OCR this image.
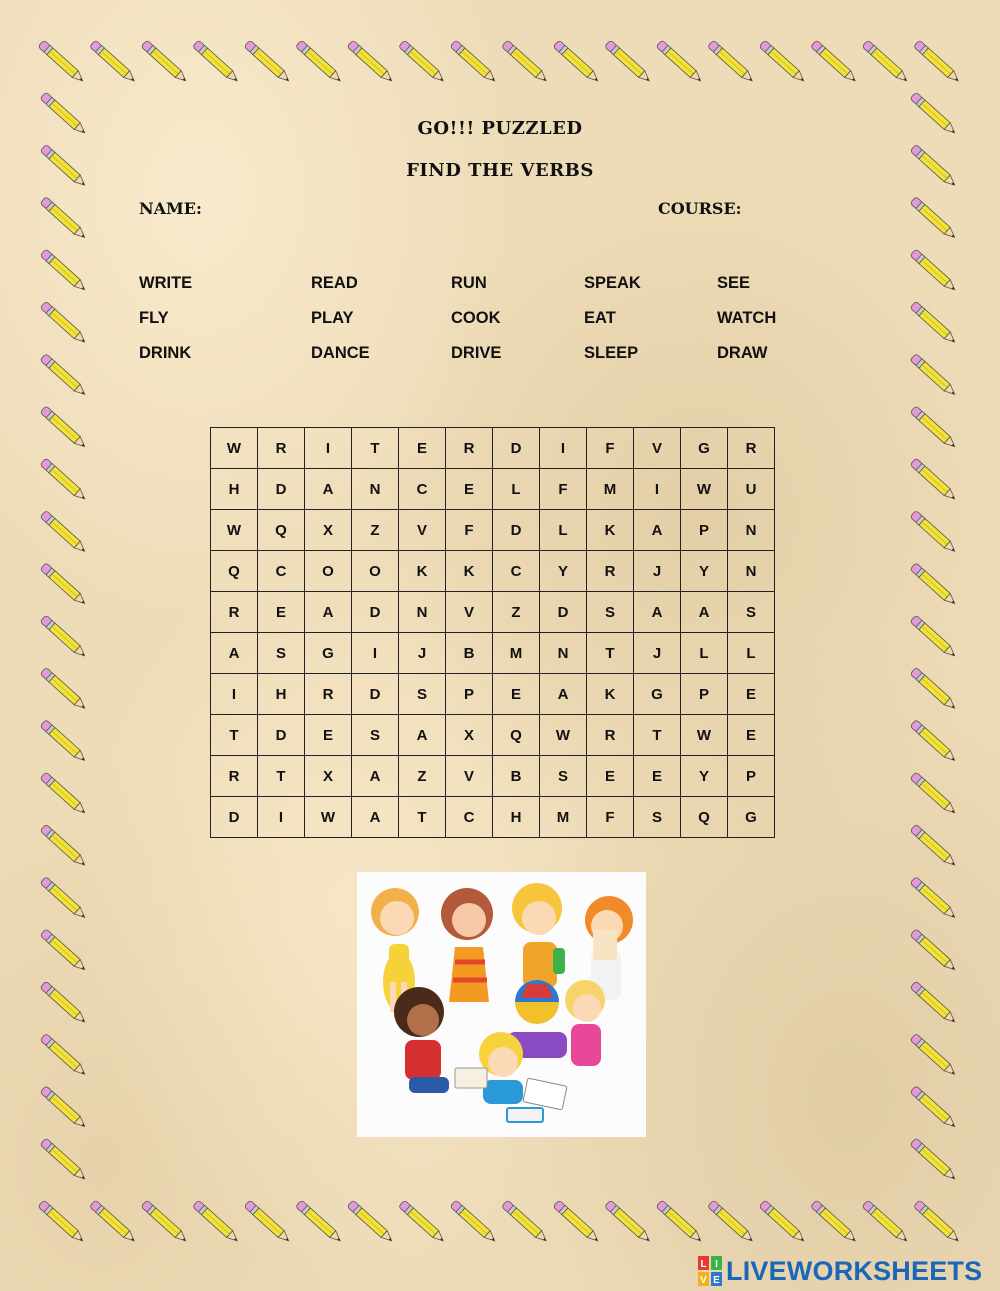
GO!!! PUZZLED
FIND THE VERBS
NAME:	COURSE:
WRITE	READ	RUN	SPEAK	SEE
FLY	PLAY	COOK	EAT	WATCH
DRINK	DANCE	DRIVE	SLEEP	DRAW
W	R	I	T	E	R	D	I	F	V	G	R
H	D	A	N	C	E	L	F	M	I	W	U
W	Q	X	Z	V	F	D	L	K	A	P	N
Q	C	O	O	K	K	C	Y	R	J	Y	N
R	E	A	D	N	V	Z	D	S	A	A	S
A	S	G	I	J	B	M	N	T	J	L	L
I	H	R	D	S	P	E	A	K	G	P	E
T	D	E	S	A	X	Q	W	R	T	W	E
R	T	X	A	Z	V	B	S	E	E	Y	P
D	I	W	A	T	C	H	M	F	S	Q	G
L I
V E LIVEWORKSHEETS
